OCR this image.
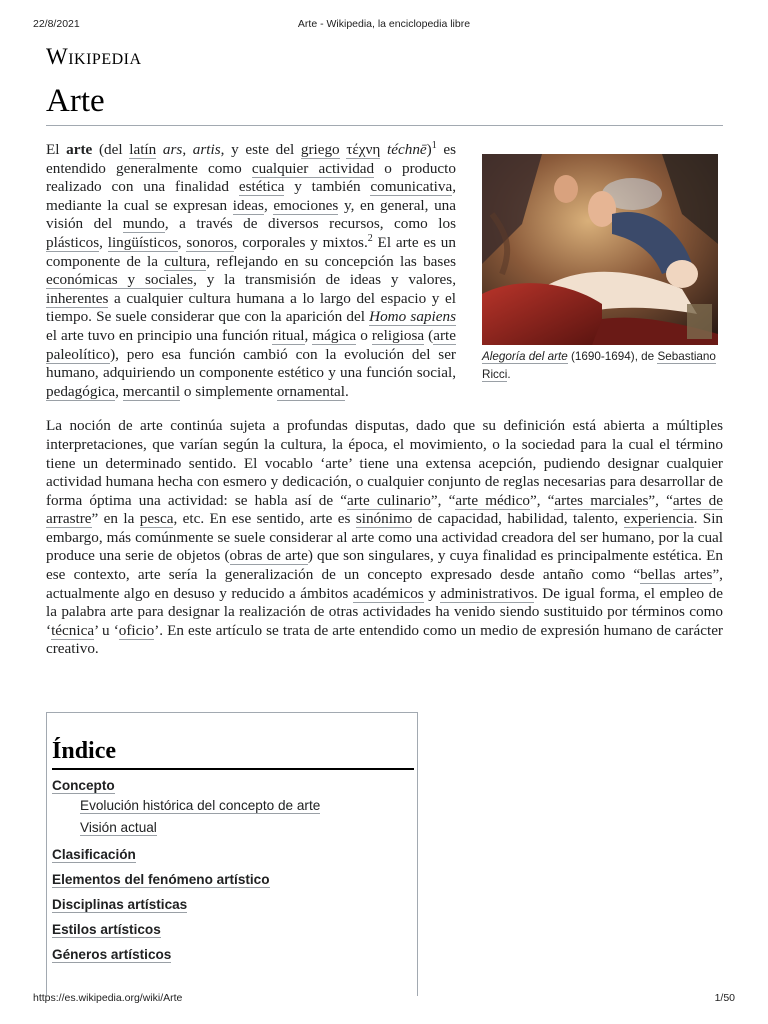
22/8/2021	Arte - Wikipedia, la enciclopedia libre
Wikipedia
Arte
Alegoría del arte (1690-1694), de Sebastiano Ricci.

El arte (del latín ars, artis, y este del griego τέχνη téchnē)$^1$ es entendido generalmente como cualquier actividad o producto realizado con una finalidad estética y también comunicativa, mediante la cual se expresan ideas, emociones y, en general, una visión del mundo, a través de diversos recursos, como los plásticos, lingüísticos, sonoros, corporales y mixtos.$^2$ El arte es un componente de la cultura, reflejando en su concepción las bases económicas y sociales, y la transmisión de ideas y valores, inherentes a cualquier cultura humana a lo largo del espacio y el tiempo. Se suele considerar que con la aparición del Homo sapiens el arte tuvo en principio una función ritual, mágica o religiosa (arte paleolítico), pero esa función cambió con la evolución del ser humano, adquiriendo un componente estético y una función social, pedagógica, mercantil o simplemente ornamental.

La noción de arte continúa sujeta a profundas disputas, dado que su definición está abierta a múltiples interpretaciones, que varían según la cultura, la época, el movimiento, o la sociedad para la cual el término tiene un determinado sentido. El vocablo ‘arte’ tiene una extensa acepción, pudiendo designar cualquier actividad humana hecha con esmero y dedicación, o cualquier conjunto de reglas necesarias para desarrollar de forma óptima una actividad: se habla así de “arte culinario”, “arte médico”, “artes marciales”, “artes de arrastre” en la pesca, etc. En ese sentido, arte es sinónimo de capacidad, habilidad, talento, experiencia. Sin embargo, más comúnmente se suele considerar al arte como una actividad creadora del ser humano, por la cual produce una serie de objetos (obras de arte) que son singulares, y cuya finalidad es principalmente estética. En ese contexto, arte sería la generalización de un concepto expresado desde antaño como “bellas artes”, actualmente algo en desuso y reducido a ámbitos académicos y administrativos. De igual forma, el empleo de la palabra arte para designar la realización de otras actividades ha venido siendo sustituido por términos como ‘técnica’ u ‘oficio’. En este artículo se trata de arte entendido como un medio de expresión humano de carácter creativo.

Índice
Concepto
Evolución histórica del concepto de arte
Visión actual
Clasificación
Elementos del fenómeno artístico
Disciplinas artísticas
Estilos artísticos
Géneros artísticos
https://es.wikipedia.org/wiki/Arte	1/50
